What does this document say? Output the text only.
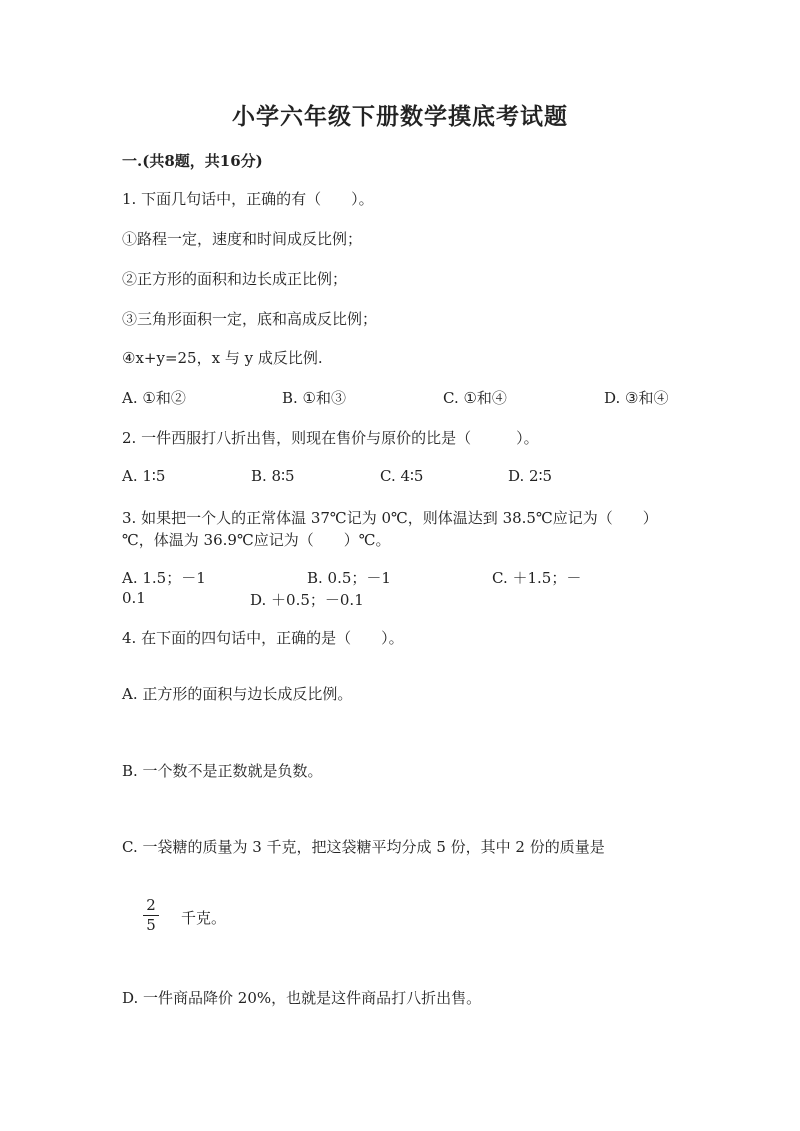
小学六年级下册数学摸底考试题
一.(共8题，共16分)
1. 下面几句话中，正确的有（　　）。
①路程一定，速度和时间成反比例；
②正方形的面积和边长成正比例；
③三角形面积一定，底和高成反比例；
④x+y=25，x 与 y 成反比例.
A. ①和②	B. ①和③	C. ①和④	D. ③和④
2. 一件西服打八折出售，则现在售价与原价的比是（　　　）。
A. 1∶5	B. 8∶5	C. 4∶5	D. 2∶5
3. 如果把一个人的正常体温 37℃记为 0℃，则体温达到 38.5℃应记为（　　）
℃，体温为 36.9℃应记为（　　）℃。
A. 1.5；－1	B. 0.5；－1	C. ＋1.5；－
0.1	D. ＋0.5；－0.1
4. 在下面的四句话中，正确的是（　　）。
A. 正方形的面积与边长成反比例。
B. 一个数不是正数就是负数。
C. 一袋糖的质量为 3 千克，把这袋糖平均分成 5 份，其中 2 份的质量是
2
5 千克。
D. 一件商品降价 20%，也就是这件商品打八折出售。
